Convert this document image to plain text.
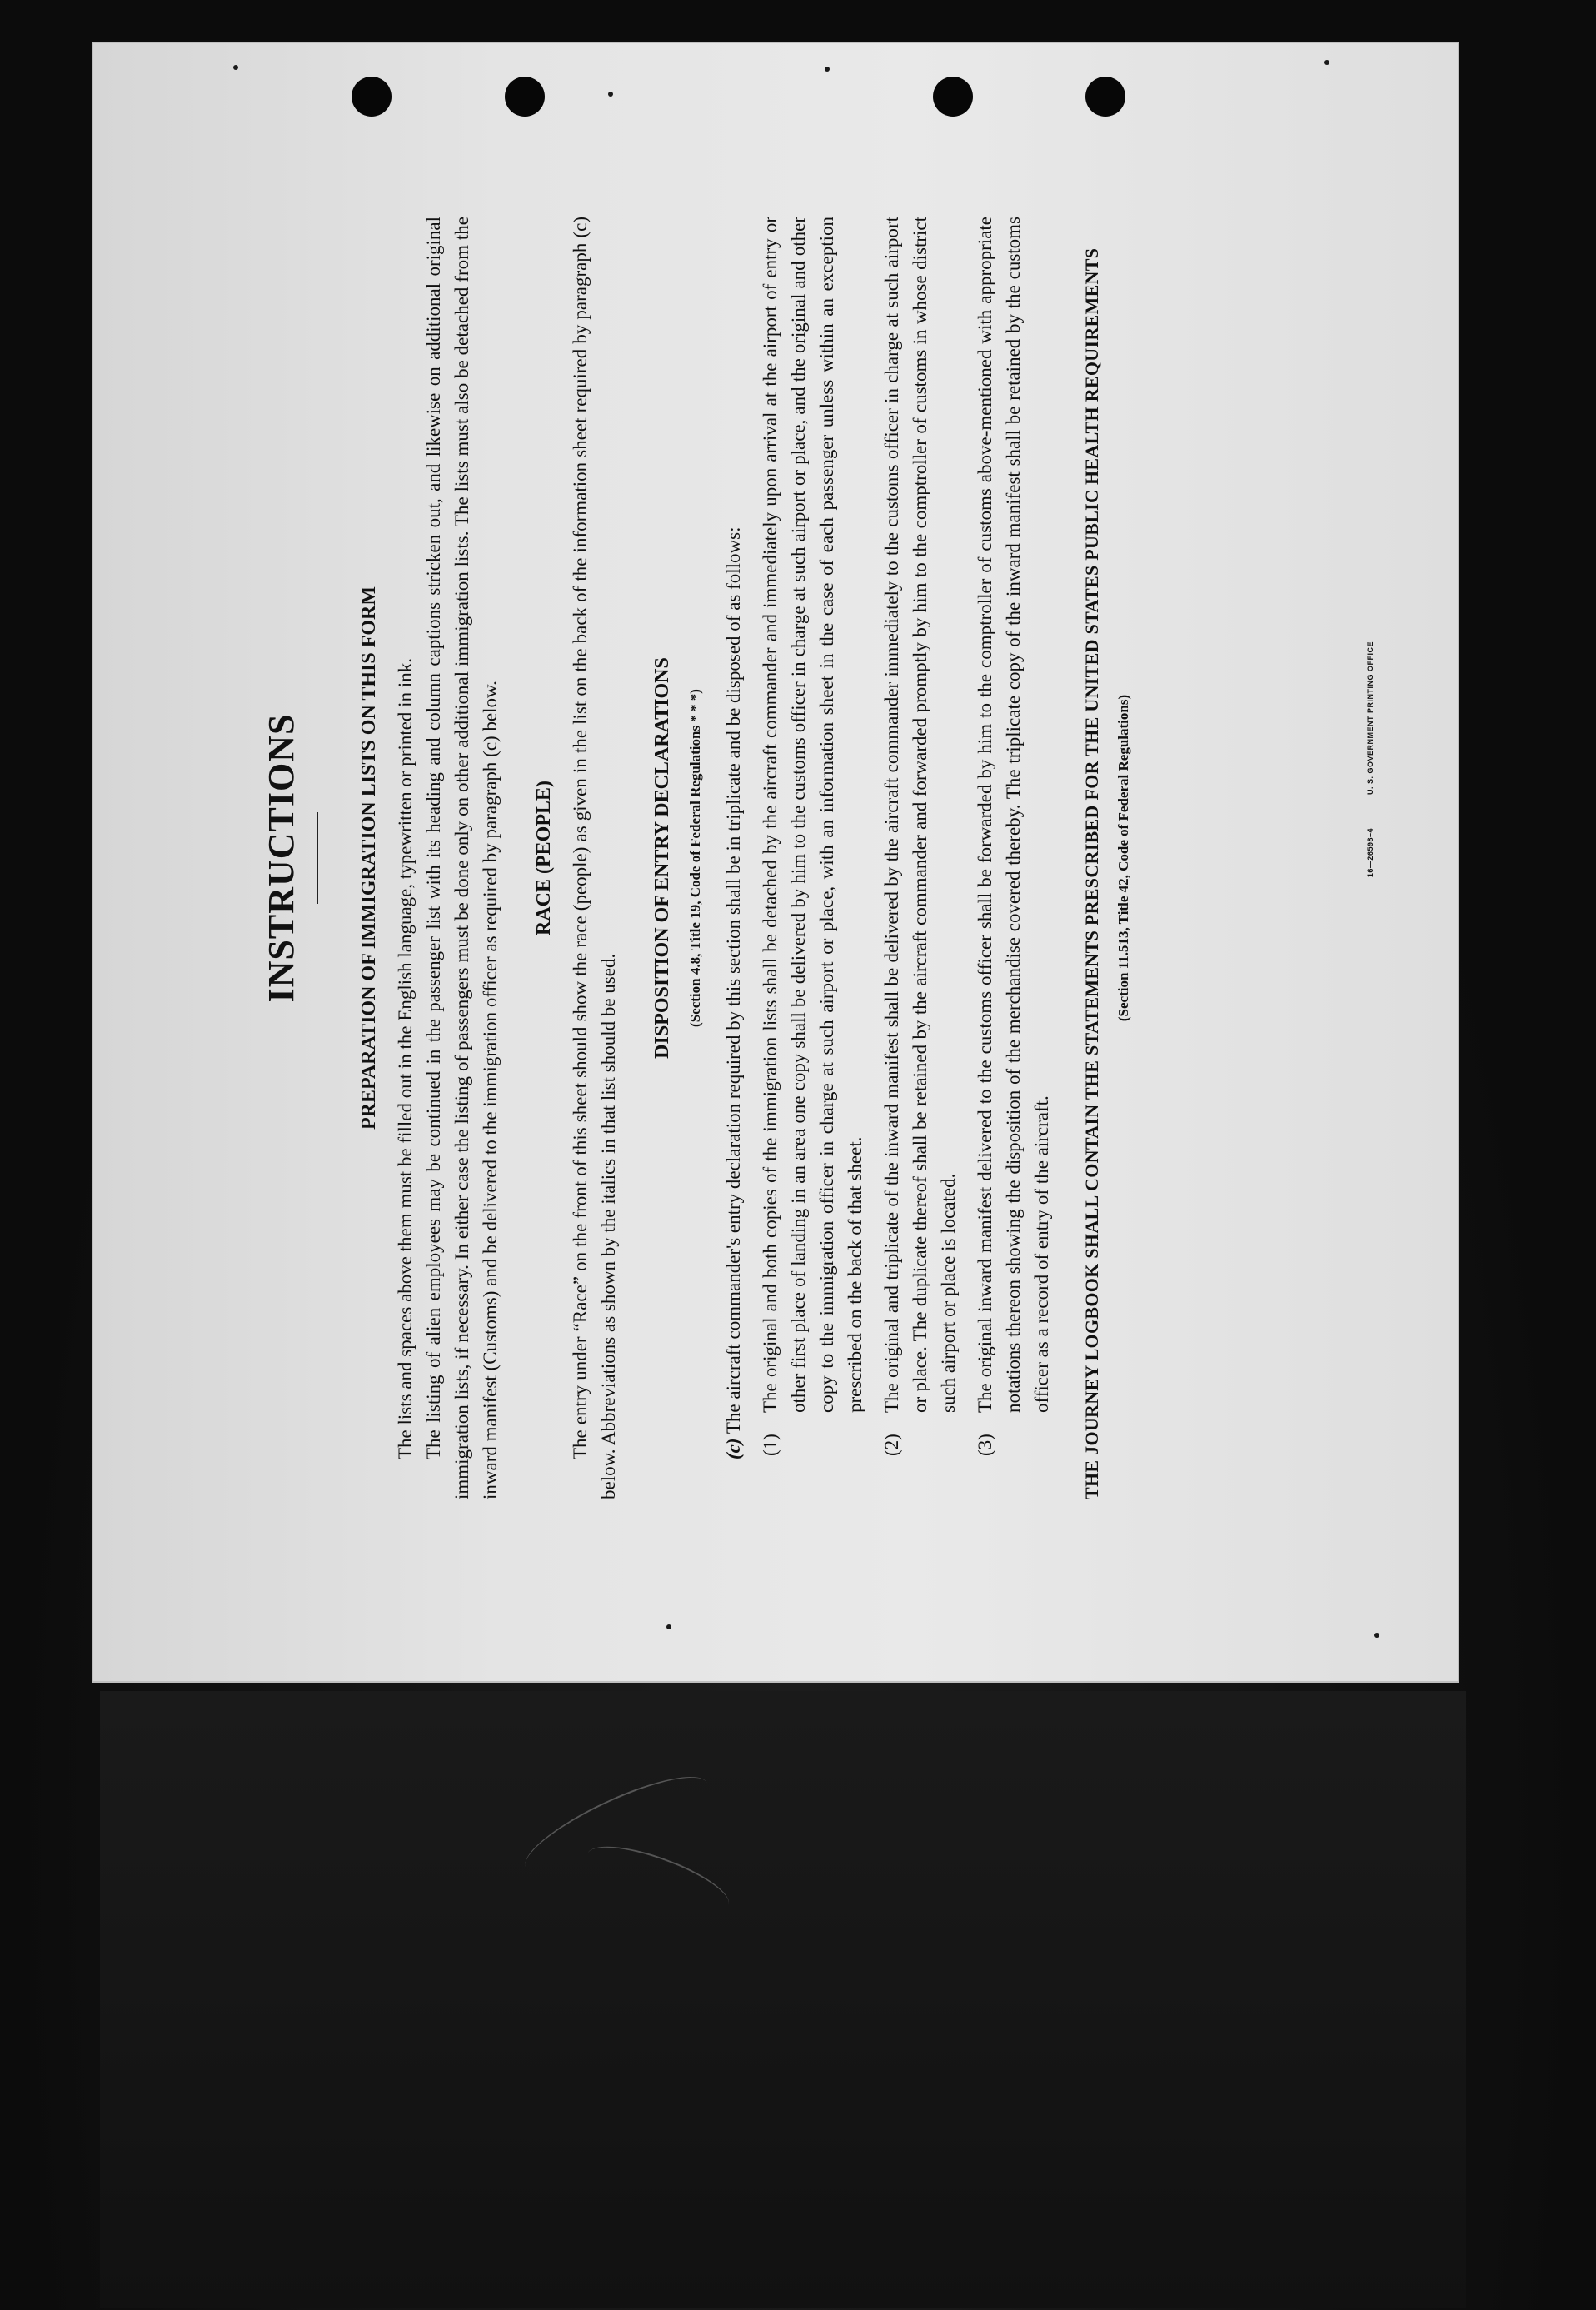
INSTRUCTIONS	PREPARATION OF IMMIGRATION LISTS ON THIS FORM The lists and spaces above them must be filled out in the English language, typewritten or printed in ink. The listing of alien employees may be continued in the passenger list with its heading and column captions stricken out, and likewise on additional original immigration lists, if necessary. In either case the listing of passengers must be done only on other additional immigration lists. The lists must also be detached from the inward manifest (Customs) and be delivered to the immigration officer as required by paragraph (c) below. RACE (PEOPLE) The entry under “Race” on the front of this sheet should show the race (people) as given in the list on the back of the information sheet required by paragraph (c) below. Abbreviations as shown by the italics in that list should be used.

DISPOSITION OF ENTRY DECLARATIONS	(Section 4.8, Title 19, Code of Federal Regulations * * *)

(c) The aircraft commander's entry declaration required by this section shall be in triplicate and be disposed of as follows:

(1)
The original and both copies of the immigration lists shall be detached by the aircraft commander and immediately upon arrival at the airport of entry or other first place of landing in an area one copy shall be delivered by him to the customs officer in charge at such airport or place, and the original and other copy to the immigration officer in charge at such airport or place, with an information sheet in the case of each passenger unless within an exception prescribed on the back of that sheet.
(2)
The original and triplicate of the inward manifest shall be delivered by the aircraft commander immediately to the customs officer in charge at such airport or place. The duplicate thereof shall be retained by the aircraft commander and forwarded promptly by him to the comptroller of customs in whose district such airport or place is located.
(3)
The original inward manifest delivered to the customs officer shall be forwarded by him to the comptroller of customs above-mentioned with appropriate notations thereon showing the disposition of the merchandise covered thereby. The triplicate copy of the inward manifest shall be retained by the customs officer as a record of entry of the aircraft. THE JOURNEY LOGBOOK SHALL CONTAIN THE STATEMENTS PRESCRIBED FOR THE UNITED STATES PUBLIC HEALTH REQUIREMENTS (Section 11.513, Title 42, Code of Federal Regulations)	16—26598–4U. S. GOVERNMENT PRINTING OFFICE
